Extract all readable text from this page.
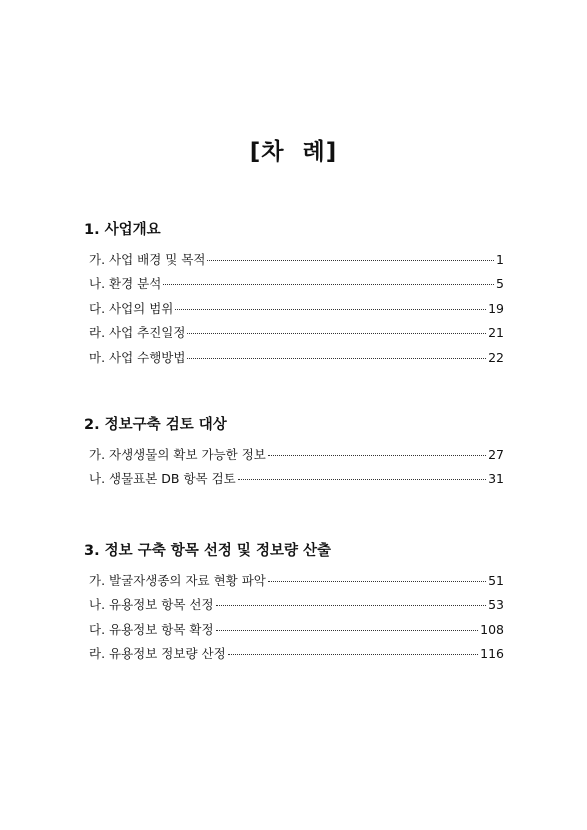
[차  례]
1. 사업개요
가. 사업 배경 및 목적	1
나. 환경 분석	5
다. 사업의 범위	19
라. 사업 추진일정	21
마. 사업 수행방법	22
2. 정보구축 검토 대상
가. 자생생물의 확보 가능한 정보	27
나. 생물표본 DB 항목 검토	31
3. 정보 구축 항목 선정 및 정보량 산출
가. 발굴자생종의 자료 현황 파악	51
나. 유용정보 항목 선정	53
다. 유용정보 항목 확정	108
라. 유용정보 정보량 산정	116
